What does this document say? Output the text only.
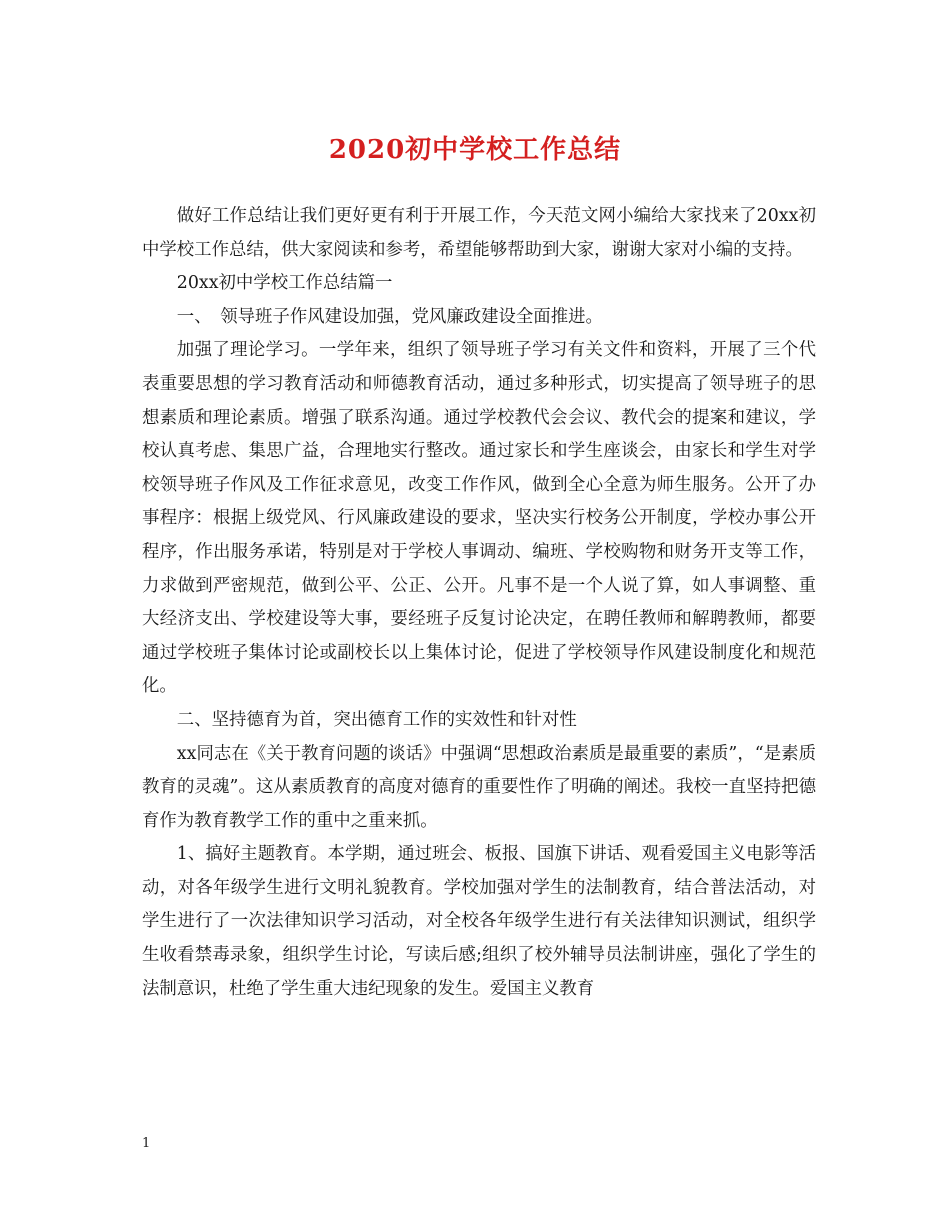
2020初中学校工作总结

做好工作总结让我们更好更有利于开展工作，今天范文网小编给大家找来了20xx初中学校工作总结，供大家阅读和参考，希望能够帮助到大家，谢谢大家对小编的支持。

20xx初中学校工作总结篇一

一、　领导班子作风建设加强，党风廉政建设全面推进。

加强了理论学习。一学年来，组织了领导班子学习有关文件和资料，开展了三个代表重要思想的学习教育活动和师德教育活动，通过多种形式，切实提高了领导班子的思想素质和理论素质。增强了联系沟通。通过学校教代会会议、教代会的提案和建议，学校认真考虑、集思广益，合理地实行整改。通过家长和学生座谈会，由家长和学生对学校领导班子作风及工作征求意见，改变工作作风，做到全心全意为师生服务。公开了办事程序：根据上级党风、行风廉政建设的要求，坚决实行校务公开制度，学校办事公开程序，作出服务承诺，特别是对于学校人事调动、编班、学校购物和财务开支等工作，力求做到严密规范，做到公平、公正、公开。凡事不是一个人说了算，如人事调整、重大经济支出、学校建设等大事，要经班子反复讨论决定，在聘任教师和解聘教师，都要通过学校班子集体讨论或副校长以上集体讨论，促进了学校领导作风建设制度化和规范化。

二、坚持德育为首，突出德育工作的实效性和针对性

xx同志在《关于教育问题的谈话》中强调“思想政治素质是最重要的素质”，“是素质教育的灵魂”。这从素质教育的高度对德育的重要性作了明确的阐述。我校一直坚持把德育作为教育教学工作的重中之重来抓。

1、搞好主题教育。本学期，通过班会、板报、国旗下讲话、观看爱国主义电影等活动，对各年级学生进行文明礼貌教育。学校加强对学生的法制教育，结合普法活动，对学生进行了一次法律知识学习活动，对全校各年级学生进行有关法律知识测试，组织学生收看禁毒录象，组织学生讨论，写读后感;组织了校外辅导员法制讲座，强化了学生的法制意识，杜绝了学生重大违纪现象的发生。爱国主义教育

1
